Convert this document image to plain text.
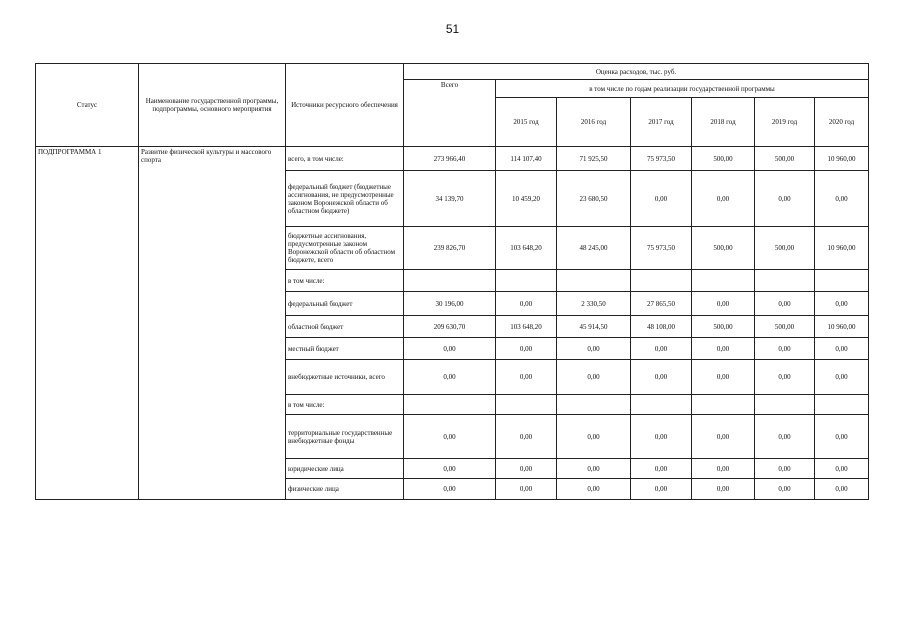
51
Статус	Наименование государственной программы, подпрограммы, основного мероприятия	Источники ресурсного обеспечения	Оценка расходов, тыс. руб.						
			Всего	в том числе по годам реализации государственной программы					
				2015 год	2016 год	2017 год	2018 год	2019 год	2020 год
ПОДПРОГРАММА 1	Развитие физической культуры и массового спорта	всего, в том числе:	273 966,40	114 107,40	71 925,50	75 973,50	500,00	500,00	10 960,00
		федеральный бюджет (бюджетные ассигнования, не предусмотренные законом Воронежской области об областном бюджете)	34 139,70	10 459,20	23 680,50	0,00	0,00	0,00	0,00
		бюджетные ассигнования, предусмотренные законом Воронежской области об областном бюджете, всего	239 826,70	103 648,20	48 245,00	75 973,50	500,00	500,00	10 960,00
		в том числе:							
		федеральный бюджет	30 196,00	0,00	2 330,50	27 865,50	0,00	0,00	0,00
		областной бюджет	209 630,70	103 648,20	45 914,50	48 108,00	500,00	500,00	10 960,00
		местный бюджет	0,00	0,00	0,00	0,00	0,00	0,00	0,00
		внебюджетные источники, всего	0,00	0,00	0,00	0,00	0,00	0,00	0,00
		в том числе:							
		территориальные государственные внебюджетные фонды	0,00	0,00	0,00	0,00	0,00	0,00	0,00
		юридические лица	0,00	0,00	0,00	0,00	0,00	0,00	0,00
		физические лица	0,00	0,00	0,00	0,00	0,00	0,00	0,00
